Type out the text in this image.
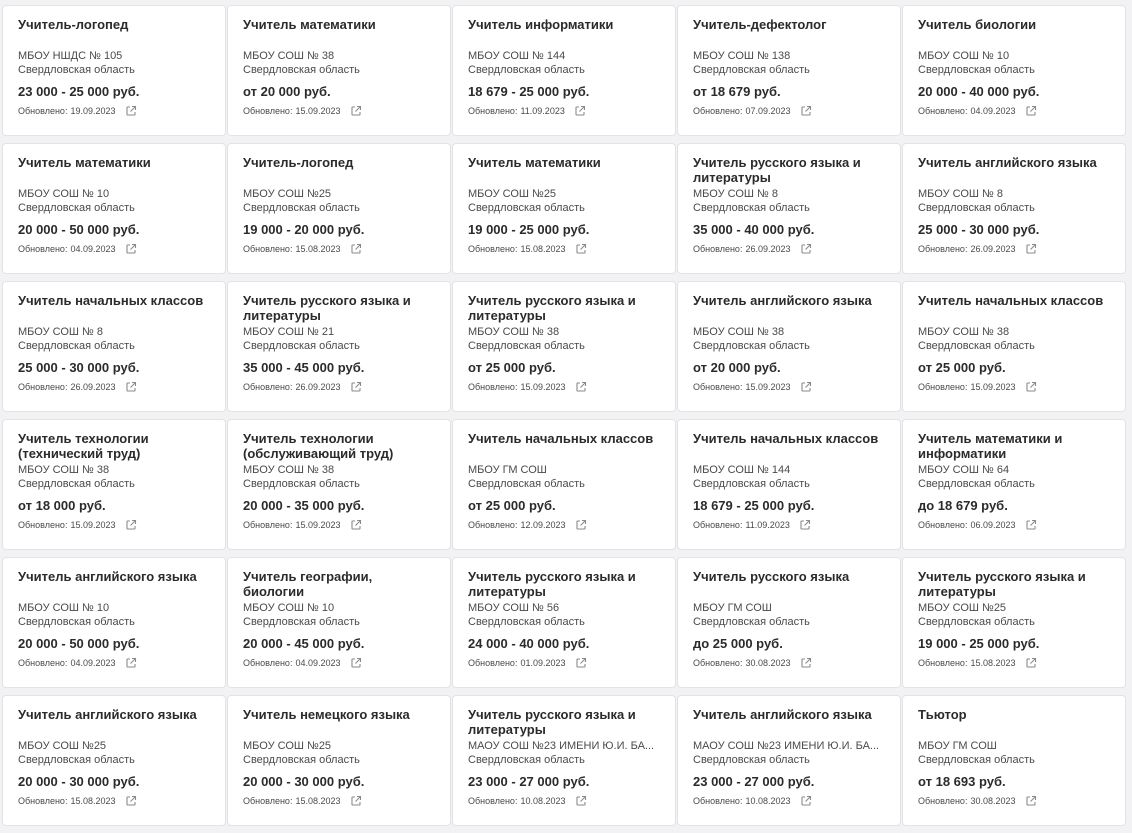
Учитель-логопед
МБОУ НШДС № 105
Свердловская область
23 000 - 25 000 руб.
Обновлено: 19.09.2023
Учитель математики
МБОУ СОШ № 38
Свердловская область
от 20 000 руб.
Обновлено: 15.09.2023
Учитель информатики
МБОУ СОШ № 144
Свердловская область
18 679 - 25 000 руб.
Обновлено: 11.09.2023
Учитель-дефектолог
МБОУ СОШ № 138
Свердловская область
от 18 679 руб.
Обновлено: 07.09.2023
Учитель биологии
МБОУ СОШ № 10
Свердловская область
20 000 - 40 000 руб.
Обновлено: 04.09.2023
Учитель математики
МБОУ СОШ № 10
Свердловская область
20 000 - 50 000 руб.
Обновлено: 04.09.2023
Учитель-логопед
МБОУ СОШ №25
Свердловская область
19 000 - 20 000 руб.
Обновлено: 15.08.2023
Учитель математики
МБОУ СОШ №25
Свердловская область
19 000 - 25 000 руб.
Обновлено: 15.08.2023
Учитель русского языка и литературы
МБОУ СОШ № 8
Свердловская область
35 000 - 40 000 руб.
Обновлено: 26.09.2023
Учитель английского языка
МБОУ СОШ № 8
Свердловская область
25 000 - 30 000 руб.
Обновлено: 26.09.2023
Учитель начальных классов
МБОУ СОШ № 8
Свердловская область
25 000 - 30 000 руб.
Обновлено: 26.09.2023
Учитель русского языка и литературы
МБОУ СОШ № 21
Свердловская область
35 000 - 45 000 руб.
Обновлено: 26.09.2023
Учитель русского языка и литературы
МБОУ СОШ № 38
Свердловская область
от 25 000 руб.
Обновлено: 15.09.2023
Учитель английского языка
МБОУ СОШ № 38
Свердловская область
от 20 000 руб.
Обновлено: 15.09.2023
Учитель начальных классов
МБОУ СОШ № 38
Свердловская область
от 25 000 руб.
Обновлено: 15.09.2023
Учитель технологии (технический труд)
МБОУ СОШ № 38
Свердловская область
от 18 000 руб.
Обновлено: 15.09.2023
Учитель технологии (обслуживающий труд)
МБОУ СОШ № 38
Свердловская область
20 000 - 35 000 руб.
Обновлено: 15.09.2023
Учитель начальных классов
МБОУ ГМ СОШ
Свердловская область
от 25 000 руб.
Обновлено: 12.09.2023
Учитель начальных классов
МБОУ СОШ № 144
Свердловская область
18 679 - 25 000 руб.
Обновлено: 11.09.2023
Учитель математики и информатики
МБОУ СОШ № 64
Свердловская область
до 18 679 руб.
Обновлено: 06.09.2023
Учитель английского языка
МБОУ СОШ № 10
Свердловская область
20 000 - 50 000 руб.
Обновлено: 04.09.2023
Учитель географии, биологии
МБОУ СОШ № 10
Свердловская область
20 000 - 45 000 руб.
Обновлено: 04.09.2023
Учитель русского языка и литературы
МБОУ СОШ № 56
Свердловская область
24 000 - 40 000 руб.
Обновлено: 01.09.2023
Учитель русского языка
МБОУ ГМ СОШ
Свердловская область
до 25 000 руб.
Обновлено: 30.08.2023
Учитель русского языка и литературы
МБОУ СОШ №25
Свердловская область
19 000 - 25 000 руб.
Обновлено: 15.08.2023
Учитель английского языка
МБОУ СОШ №25
Свердловская область
20 000 - 30 000 руб.
Обновлено: 15.08.2023
Учитель немецкого языка
МБОУ СОШ №25
Свердловская область
20 000 - 30 000 руб.
Обновлено: 15.08.2023
Учитель русского языка и литературы
МАОУ СОШ №23 ИМЕНИ Ю.И. БА...
Свердловская область
23 000 - 27 000 руб.
Обновлено: 10.08.2023
Учитель английского языка
МАОУ СОШ №23 ИМЕНИ Ю.И. БА...
Свердловская область
23 000 - 27 000 руб.
Обновлено: 10.08.2023
Тьютор
МБОУ ГМ СОШ
Свердловская область
от 18 693 руб.
Обновлено: 30.08.2023
